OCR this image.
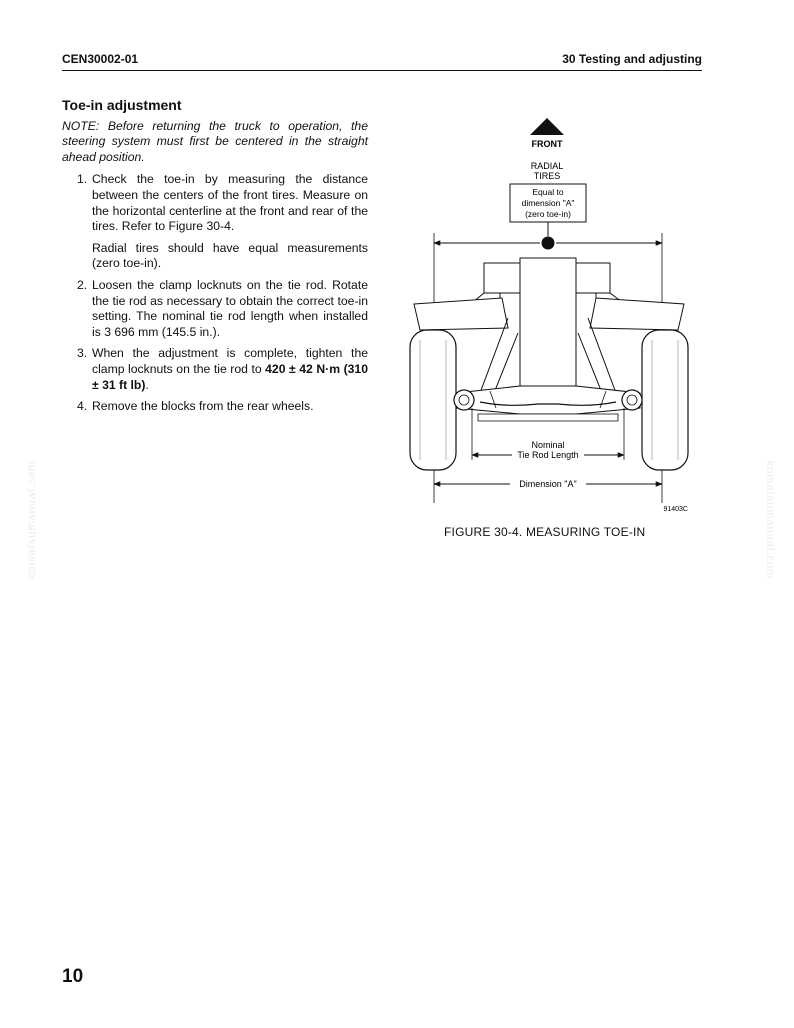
CEN30002-01	30 Testing and adjusting
Toe-in adjustment

NOTE: Before returning the truck to operation, the steering system must first be centered in the straight ahead position.

1. Check the toe-in by measuring the distance between the centers of the front tires. Measure on the horizontal centerline at the front and rear of the tires. Refer to Figure 30-4.

Radial tires should have equal measurements (zero toe-in).

2. Loosen the clamp locknuts on the tie rod. Rotate the tie rod as necessary to obtain the correct toe-in setting. The nominal tie rod length when installed is 3 696 mm (145.5 in.).
3. When the adjustment is complete, tighten the clamp locknuts on the tie rod to 420 ± 42 N·m (310 ± 31 ft lb).
4. Remove the blocks from the rear wheels.
FRONT
RADIAL
TIRES
Equal to
dimension "A"
(zero toe-in)
Nominal
Tie Rod Length
Dimension "A"
91403C
FIGURE 30-4. MEASURING TOE-IN
komatsumanual.com	komatsumanual.com
10
